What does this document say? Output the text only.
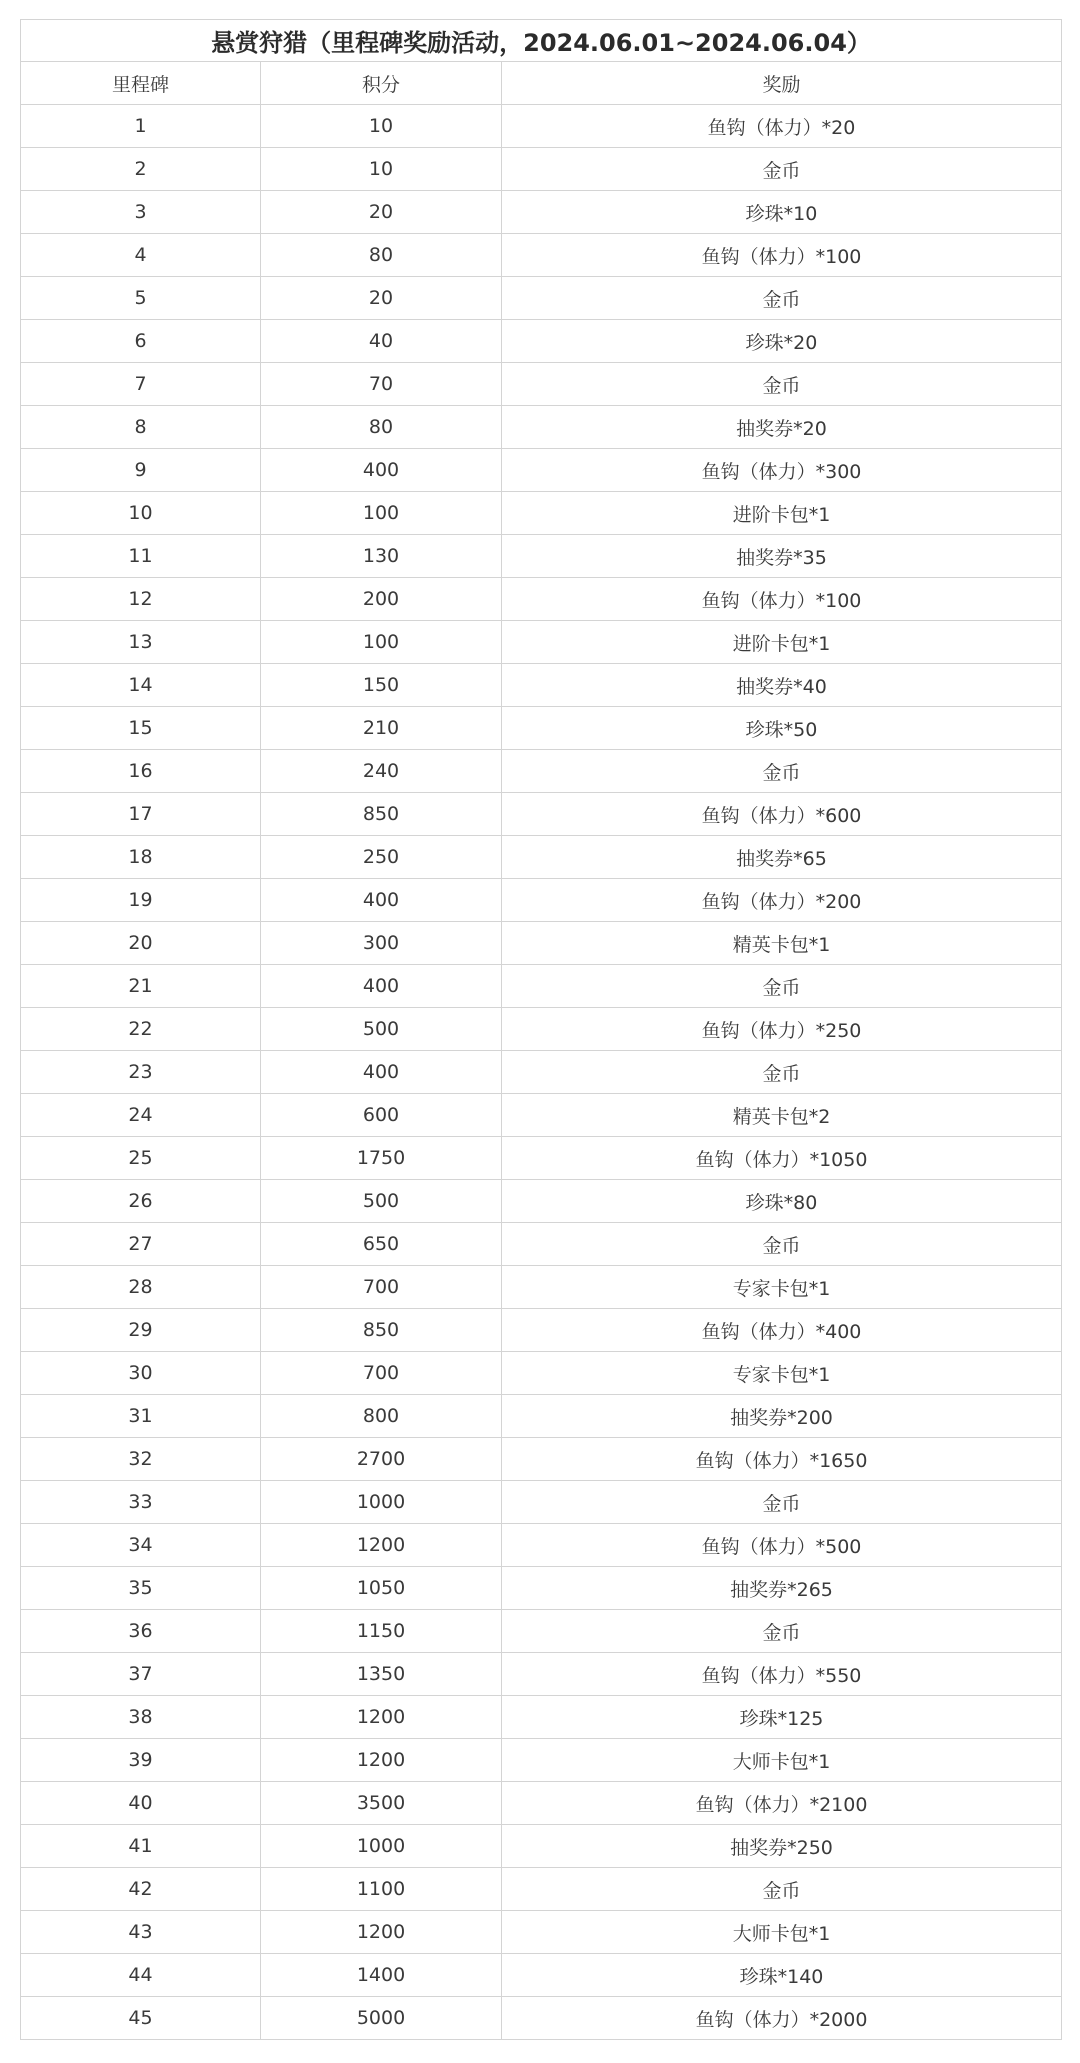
悬赏狩猎（里程碑奖励活动，2024.06.01~2024.06.04）		
里程碑	积分	奖励
1	10	鱼钩（体力）*20
2	10	金币
3	20	珍珠*10
4	80	鱼钩（体力）*100
5	20	金币
6	40	珍珠*20
7	70	金币
8	80	抽奖券*20
9	400	鱼钩（体力）*300
10	100	进阶卡包*1
11	130	抽奖券*35
12	200	鱼钩（体力）*100
13	100	进阶卡包*1
14	150	抽奖券*40
15	210	珍珠*50
16	240	金币
17	850	鱼钩（体力）*600
18	250	抽奖券*65
19	400	鱼钩（体力）*200
20	300	精英卡包*1
21	400	金币
22	500	鱼钩（体力）*250
23	400	金币
24	600	精英卡包*2
25	1750	鱼钩（体力）*1050
26	500	珍珠*80
27	650	金币
28	700	专家卡包*1
29	850	鱼钩（体力）*400
30	700	专家卡包*1
31	800	抽奖券*200
32	2700	鱼钩（体力）*1650
33	1000	金币
34	1200	鱼钩（体力）*500
35	1050	抽奖券*265
36	1150	金币
37	1350	鱼钩（体力）*550
38	1200	珍珠*125
39	1200	大师卡包*1
40	3500	鱼钩（体力）*2100
41	1000	抽奖券*250
42	1100	金币
43	1200	大师卡包*1
44	1400	珍珠*140
45	5000	鱼钩（体力）*2000
